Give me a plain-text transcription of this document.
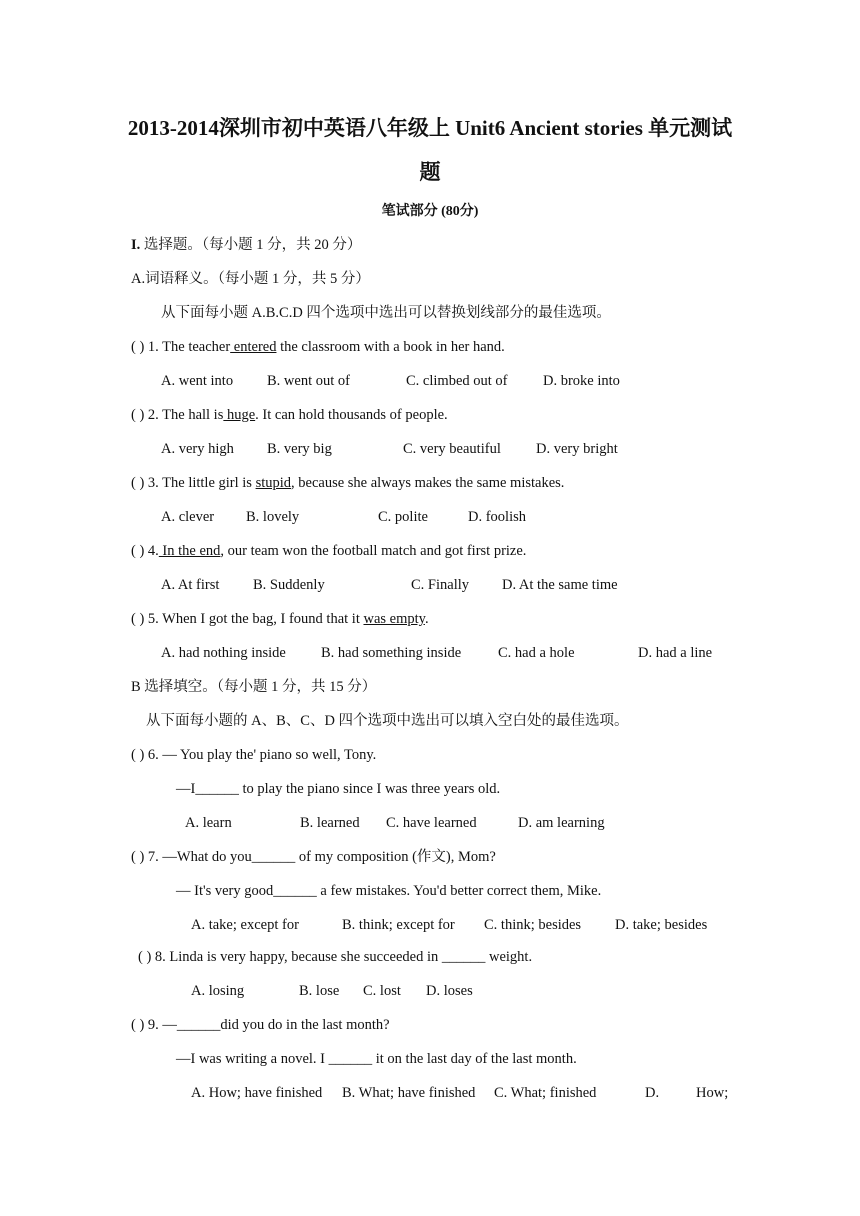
2013-2014深圳市初中英语八年级上 Unit6 Ancient stories 单元测试
题
笔试部分 (80分)
I. 选择题。（每小题 1 分，共 20 分）
A.词语释义。（每小题 1 分，共 5 分）
从下面每小题 A.B.C.D 四个选项中选出可以替换划线部分的最佳选项。
( ) 1. The teacher entered the classroom with a book in her hand.
A. went into B. went out of	C. climbed out of D. broke into
( ) 2. The hall is huge. It can hold thousands of people.
A. very high B. very big	C. very beautiful D. very bright
( ) 3. The little girl is stupid, because she always makes the same mistakes.
A. clever B. lovely	C. polite	D. foolish
( ) 4. In the end, our team won the football match and got first prize.
A. At first B. Suddenly	C. Finally D. At the same time
( ) 5. When I got the bag, I found that it was empty.
A. had nothing inside B. had something inside	C. had a hole	D. had a line
B 选择填空。（每小题 1 分，共 15 分）
从下面每小题的 A、B、C、D 四个选项中选出可以填入空白处的最佳选项。
( ) 6. — You play the' piano so well, Tony.
—I______ to play the piano since I was three years old.
A. learn	B. learned C. have learned	D. am learning
( ) 7. —What do you______ of my composition (作文), Mom?
— It's very good______ a few mistakes. You'd better correct them, Mike.
A. take; except for	B. think; except for C. think; besides D. take; besides
( ) 8. Linda is very happy, because she succeeded in ______ weight.
A. losing	B. lose C. lost D. loses
( ) 9. —______did you do in the last month?
—I was writing a novel. I ______ it on the last day of the last month.
A. How; have finished B. What; have finished C. What; finished	D.	How;
